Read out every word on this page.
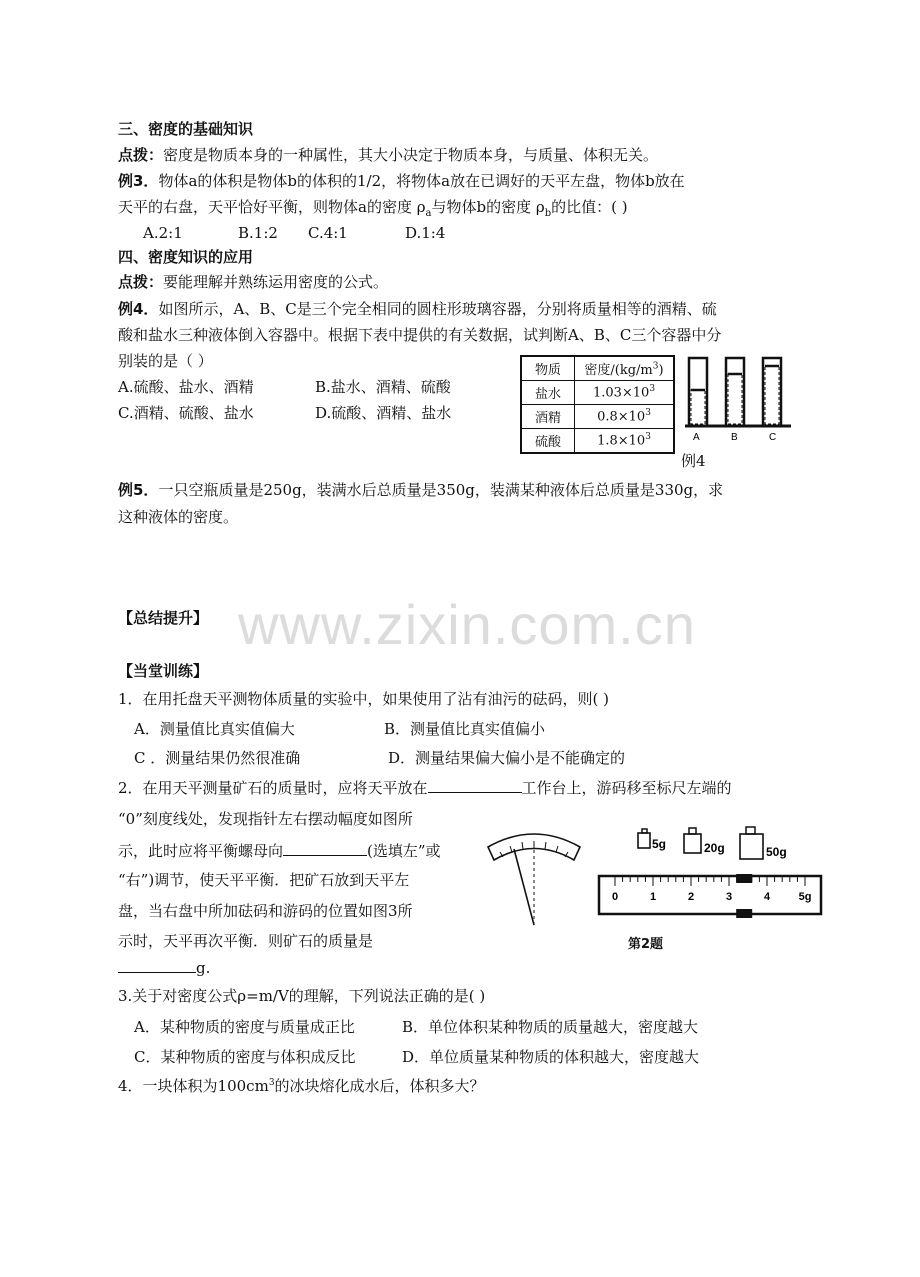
三、密度的基础知识
点拨：密度是物质本身的一种属性，其大小决定于物质本身，与质量、体积无关。
例3．物体a的体积是物体b的体积的1/2，将物体a放在已调好的天平左盘，物体b放在
天平的右盘，天平恰好平衡，则物体a的密度 $\rho_a$与物体b的密度 $\rho_b$的比值：( )
A.2:1	B.1:2 C.4:1	D.1:4
四、密度知识的应用
点拨：要能理解并熟练运用密度的公式。
例4．如图所示，A、B、C是三个完全相同的圆柱形玻璃容器，分别将质量相等的酒精、硫
酸和盐水三种液体倒入容器中。根据下表中提供的有关数据，试判断A、B、C三个容器中分
别装的是（ ）
A.硫酸、盐水、酒精	B.盐水、酒精、硫酸
C.酒精、硫酸、盐水	D.硫酸、酒精、盐水
物质	密度$/(kg/m^3)$
盐水	$1.03\times 10^3$
酒精	$0.8\times 10^3$
硫酸	$1.8\times 10^3$	A	B	C
例4
例5．一只空瓶质量是250g，装满水后总质量是350g，装满某种液体后总质量是330g，求
这种液体的密度。
www.zixin.com.cn
【总结提升】
【当堂训练】
1．在用托盘天平测物体质量的实验中，如果使用了沾有油污的砝码，则( )
A．测量值比真实值偏大	B．测量值比真实值偏小
C ．测量结果仍然很准确	D．测量结果偏大偏小是不能确定的
2．在用天平测量矿石的质量时，应将天平放在	工作台上，游码移至标尺左端的
“0”刻度线处，发现指针左右摆动幅度如图所
示，此时应将平衡螺母向	(选填左”或
“右”)调节，使天平平衡．把矿石放到天平左
盘，当右盘中所加砝码和游码的位置如图3所
示时，天平再次平衡．则矿石的质量是
g.
5g	20g	50g
0	1	2	3	4	5g
第2题
3.关于对密度公式ρ=m/V的理解，下列说法正确的是( )
A．某种物质的密度与质量成正比	B．单位体积某种物质的质量越大，密度越大
C．某种物质的密度与体积成反比	D．单位质量某种物质的体积越大，密度越大
4．一块体积为$100cm^3$的冰块熔化成水后，体积多大？
